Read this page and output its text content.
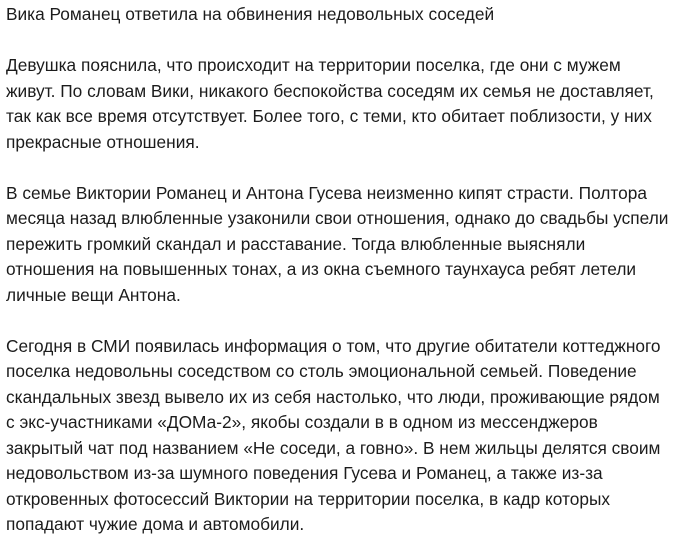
Вика Романец ответила на обвинения недовольных соседей
Девушка пояснила, что происходит на территории поселка, где они с мужем
живут. По словам Вики, никакого беспокойства соседям их семья не доставляет,
так как все время отсутствует. Более того, с теми, кто обитает поблизости, у них
прекрасные отношения.
В семье Виктории Романец и Антона Гусева неизменно кипят страсти. Полтора
месяца назад влюбленные узаконили свои отношения, однако до свадьбы успели
пережить громкий скандал и расставание. Тогда влюбленные выясняли
отношения на повышенных тонах, а из окна съемного таунхауса ребят летели
личные вещи Антона.
Сегодня в СМИ появилась информация о том, что другие обитатели коттеджного
поселка недовольны соседством со столь эмоциональной семьей. Поведение
скандальных звезд вывело их из себя настолько, что люди, проживающие рядом
с экс-участниками «ДОМа-2», якобы создали в в одном из мессенджеров
закрытый чат под названием «Не соседи, а говно». В нем жильцы делятся своим
недовольством из-за шумного поведения Гусева и Романец, а также из-за
откровенных фотосессий Виктории на территории поселка, в кадр которых
попадают чужие дома и автомобили.
